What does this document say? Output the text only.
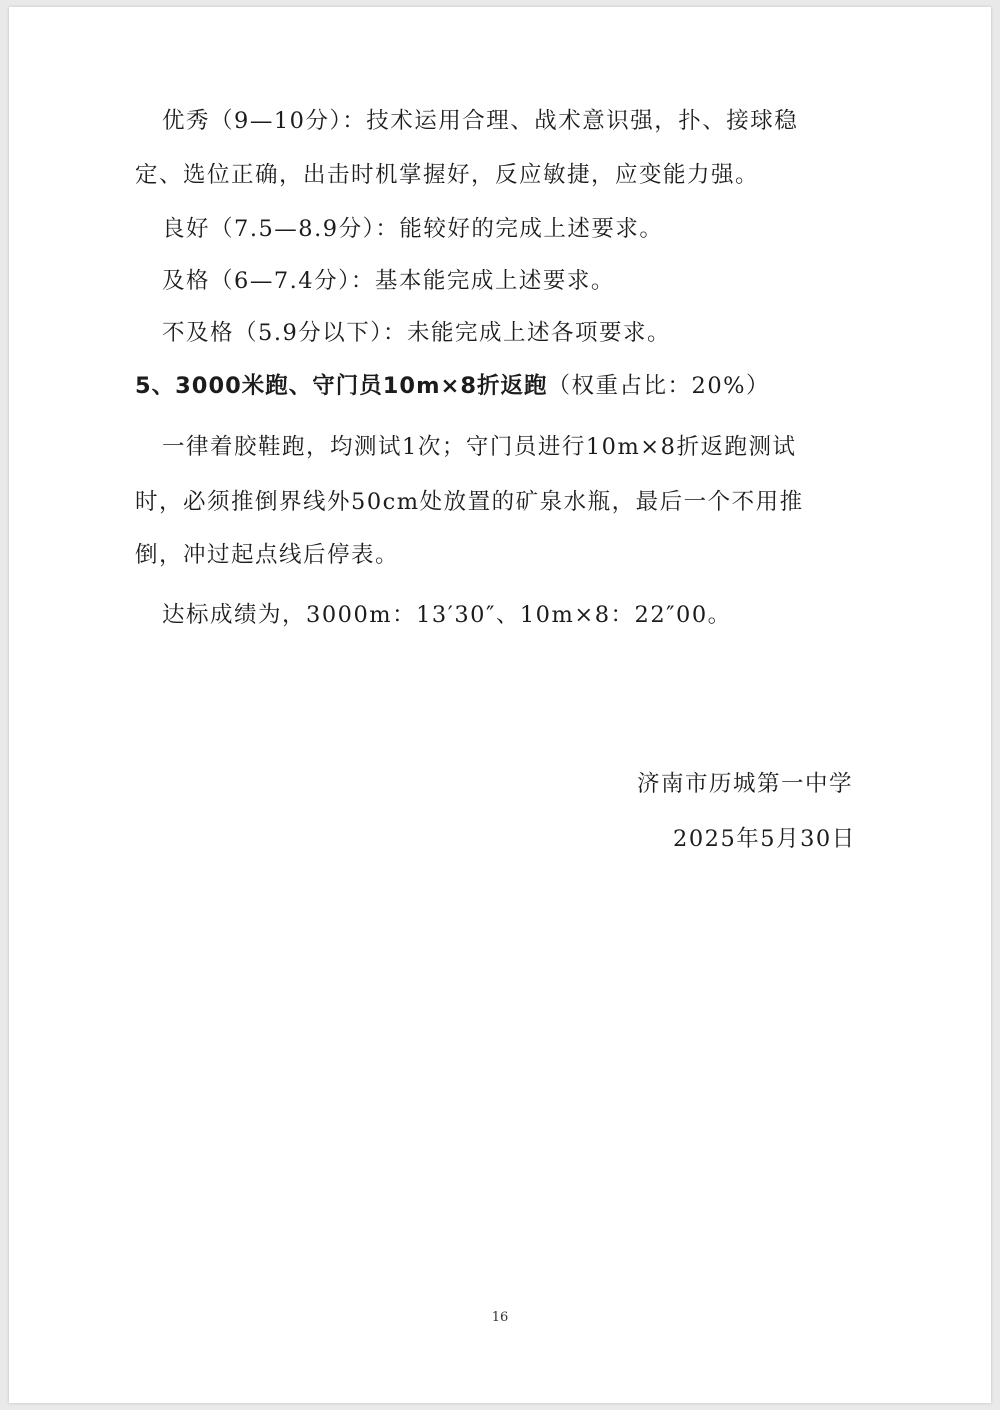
优秀（9—10分）：技术运用合理、战术意识强，扑、接球稳
定、选位正确，出击时机掌握好，反应敏捷，应变能力强。
良好（7.5—8.9分）：能较好的完成上述要求。
及格（6—7.4分）：基本能完成上述要求。
不及格（5.9分以下）：未能完成上述各项要求。
5、3000米跑、守门员10m×8折返跑（权重占比：20%）
一律着胶鞋跑，均测试1次；守门员进行10m×8折返跑测试
时，必须推倒界线外50cm处放置的矿泉水瓶，最后一个不用推
倒，冲过起点线后停表。
达标成绩为，3000m：13′30″、10m×8：22″00。
济南市历城第一中学
2025年5月30日
16
